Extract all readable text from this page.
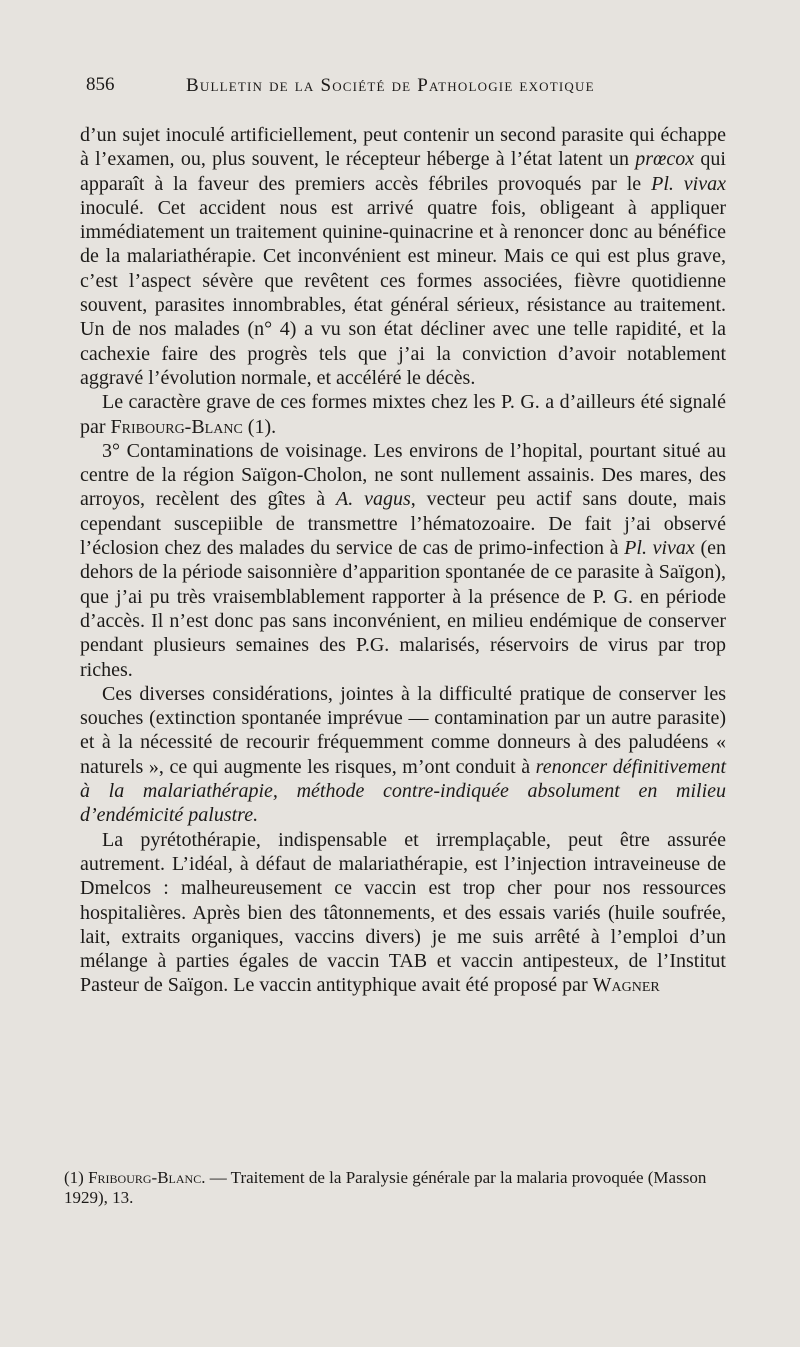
856	Bulletin de la Société de Pathologie exotique

d’un sujet inoculé artificiellement, peut contenir un second parasite qui échappe à l’examen, ou, plus souvent, le récepteur héberge à l’état latent un prœcox qui apparaît à la faveur des premiers accès fébriles provoqués par le Pl. vivax inoculé. Cet accident nous est arrivé quatre fois, obligeant à appliquer immédiatement un traitement quinine-quinacrine et à renoncer donc au bénéfice de la malariathérapie. Cet inconvénient est mineur. Mais ce qui est plus grave, c’est l’aspect sévère que revêtent ces formes associées, fièvre quotidienne souvent, parasites innombrables, état général sérieux, résistance au traitement. Un de nos malades (n° 4) a vu son état décliner avec une telle rapidité, et la cachexie faire des progrès tels que j’ai la conviction d’avoir notablement aggravé l’évolution normale, et accéléré le décès.

Le caractère grave de ces formes mixtes chez les P. G. a d’ailleurs été signalé par Fribourg-Blanc (1).

3° Contaminations de voisinage. Les environs de l’hopital, pourtant situé au centre de la région Saïgon-Cholon, ne sont nullement assainis. Des mares, des arroyos, recèlent des gîtes à A. vagus, vecteur peu actif sans doute, mais cependant suscepiible de transmettre l’hématozoaire. De fait j’ai observé l’éclosion chez des malades du service de cas de primo-infection à Pl. vivax (en dehors de la période saisonnière d’apparition spontanée de ce parasite à Saïgon), que j’ai pu très vraisemblablement rapporter à la présence de P. G. en période d’accès. Il n’est donc pas sans inconvénient, en milieu endémique de conserver pendant plusieurs semaines des P.G. malarisés, réservoirs de virus par trop riches.

Ces diverses considérations, jointes à la difficulté pratique de conserver les souches (extinction spontanée imprévue — contamination par un autre parasite) et à la nécessité de recourir fréquemment comme donneurs à des paludéens « naturels », ce qui augmente les risques, m’ont conduit à renoncer définitivement à la malariathérapie, méthode contre-indiquée absolument en milieu d’endémicité palustre.

La pyrétothérapie, indispensable et irremplaçable, peut être assurée autrement. L’idéal, à défaut de malariathérapie, est l’injection intraveineuse de Dmelcos : malheureusement ce vaccin est trop cher pour nos ressources hospitalières. Après bien des tâtonnements, et des essais variés (huile soufrée, lait, extraits organiques, vaccins divers) je me suis arrêté à l’emploi d’un mélange à parties égales de vaccin TAB et vaccin antipesteux, de l’Institut Pasteur de Saïgon. Le vaccin antityphique avait été proposé par Wagner

(1) Fribourg-Blanc. — Traitement de la Paralysie générale par la malaria provoquée (Masson 1929), 13.
